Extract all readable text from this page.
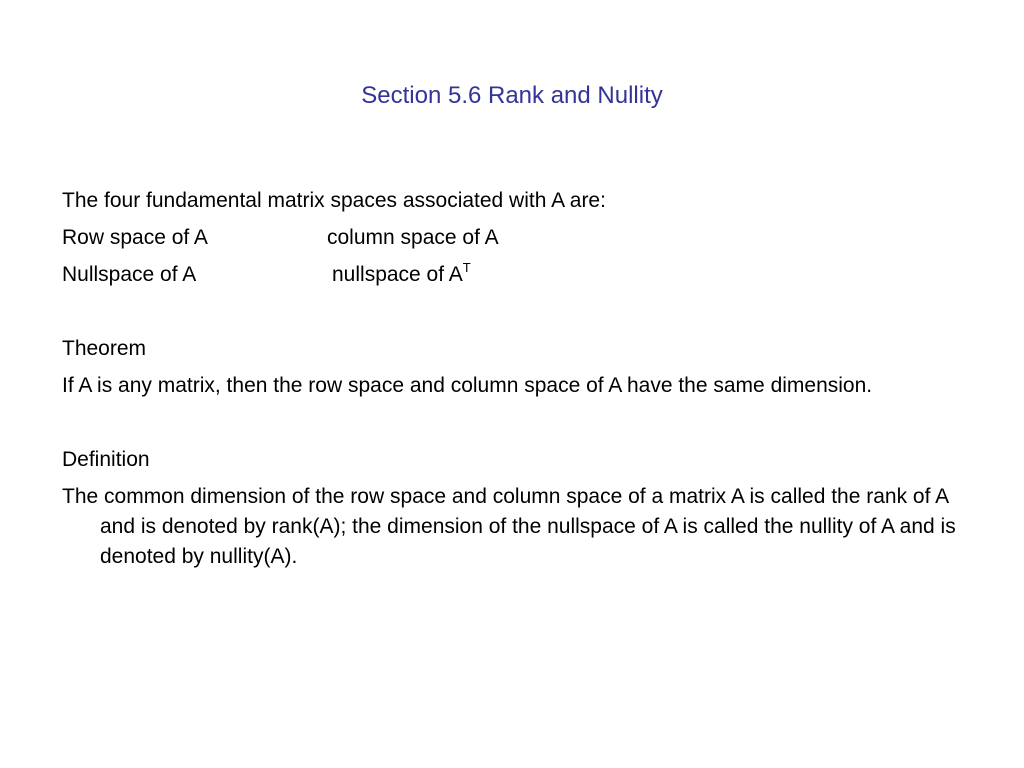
Section 5.6 Rank and Nullity
The four fundamental matrix spaces associated with A are:
Row space of A	column space of A
Nullspace of A	nullspace of $A^T$
Theorem

If A is any matrix, then the row space and column space of A have the same dimension.

Definition

The common dimension of the row space and column space of a matrix A is called the rank of A and is denoted by rank(A); the dimension of the nullspace of A is called the nullity of A and is denoted by nullity(A).
